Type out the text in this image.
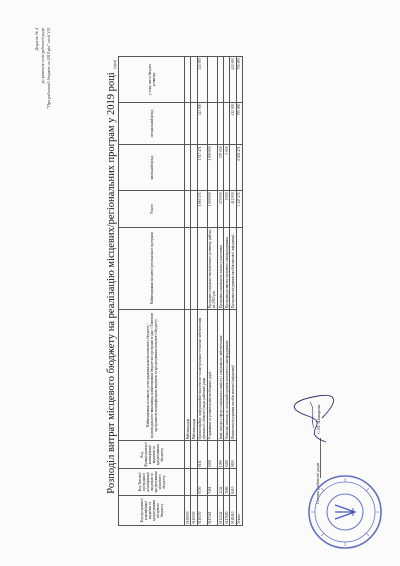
Додаток № 4 до рішення сесії районної ради "Про районний бюджет на 2019 рік" сесії VII
Розподіл витрат місцевого бюджету на реалізацію місцевих/регіональних програм у 2019 році
Код програмної класифікації видатків та кредитування місцевого бюджету	Код Типової програмної класифікації видатків та кредитування місцевого бюджету	Код Функціональної класифікації видатків та кредитування бюджету	Найменування головного розпорядника коштів місцевого бюджету / відповідального виконавця, найменування бюджетної програми згідно з Типовою програмною класифікацією видатків та кредитування місцевого бюджету	Найменування місцевої/регіональної програми	Усього	загальний фонд	спеціальний фонд	у тому числі бюджет розвитку
0100000			Районна рада					
0110000			Районна рада					
0110150	0150	0111	Організаційне, інформаційно-аналітичне та матеріально-технічне забезпечення діяльності обласної ради, районної ради		1 860 471	1 517 471	343 000	343 000
0117461	7461	0456	Утримання та розвиток автомобільних доріг	Програма соціально-економічного розвитку району на 2019 рік	1 000 000	1 000 000		
0113242	3242	1090	Інші заходи у сфері соціального захисту і соціального забезпечення	Програма соціального захисту населення	170 000	170 000		
0117680	7680	0490	Членські внески до асоціацій органів місцевого самоврядування	Програма розвитку місцевого самоврядування	5 000	5 000		
0118410	8410	0830	Фінансова підтримка засобів масової інформації	Програма підтримки засобів масової інформації	412 000		412 000	412 000
Усього					3 447 471	2 692 471	755 000	755 000
(грн)
Голова районної ради
С.М. Шаварова
